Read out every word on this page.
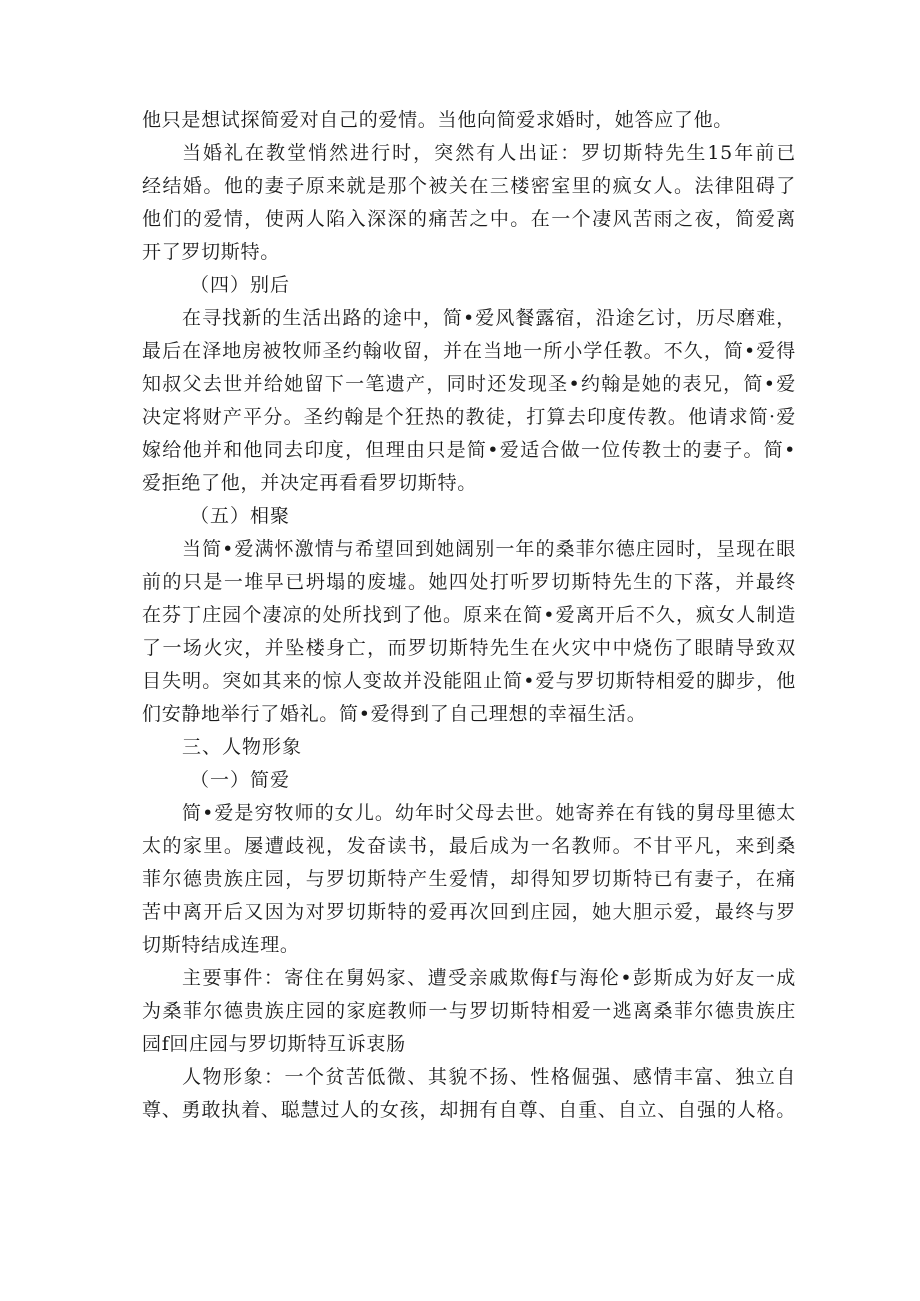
他只是想试探简爱对自己的爱情。当他向简爱求婚时，她答应了他。
当婚礼在教堂悄然进行时，突然有人出证：罗切斯特先生15年前已
经结婚。他的妻子原来就是那个被关在三楼密室里的疯女人。法律阻碍了
他们的爱情，使两人陷入深深的痛苦之中。在一个凄风苦雨之夜，简爱离
开了罗切斯特。
（四）别后
在寻找新的生活出路的途中，简•爱风餐露宿，沿途乞讨，历尽磨难，
最后在泽地房被牧师圣约翰收留，并在当地一所小学任教。不久，简•爱得
知叔父去世并给她留下一笔遗产，同时还发现圣•约翰是她的表兄，简•爱
决定将财产平分。圣约翰是个狂热的教徒，打算去印度传教。他请求简·爱
嫁给他并和他同去印度，但理由只是简•爱适合做一位传教士的妻子。简•
爱拒绝了他，并决定再看看罗切斯特。
（五）相聚
当简•爱满怀激情与希望回到她阔别一年的桑菲尔德庄园时，呈现在眼
前的只是一堆早已坍塌的废墟。她四处打听罗切斯特先生的下落，并最终
在芬丁庄园个凄凉的处所找到了他。原来在简•爱离开后不久，疯女人制造
了一场火灾，并坠楼身亡，而罗切斯特先生在火灾中中烧伤了眼睛导致双
目失明。突如其来的惊人变故并没能阻止简•爱与罗切斯特相爱的脚步，他
们安静地举行了婚礼。简•爱得到了自己理想的幸福生活。
三、人物形象
（一）简爱
简•爱是穷牧师的女儿。幼年时父母去世。她寄养在有钱的舅母里德太
太的家里。屡遭歧视，发奋读书，最后成为一名教师。不甘平凡，来到桑
菲尔德贵族庄园，与罗切斯特产生爱情，却得知罗切斯特已有妻子，在痛
苦中离开后又因为对罗切斯特的爱再次回到庄园，她大胆示爱，最终与罗
切斯特结成连理。
主要事件：寄住在舅妈家、遭受亲戚欺侮f与海伦•彭斯成为好友一成
为桑菲尔德贵族庄园的家庭教师一与罗切斯特相爱一逃离桑菲尔德贵族庄
园f回庄园与罗切斯特互诉衷肠
人物形象：一个贫苦低微、其貌不扬、性格倔强、感情丰富、独立自
尊、勇敢执着、聪慧过人的女孩，却拥有自尊、自重、自立、自强的人格。
